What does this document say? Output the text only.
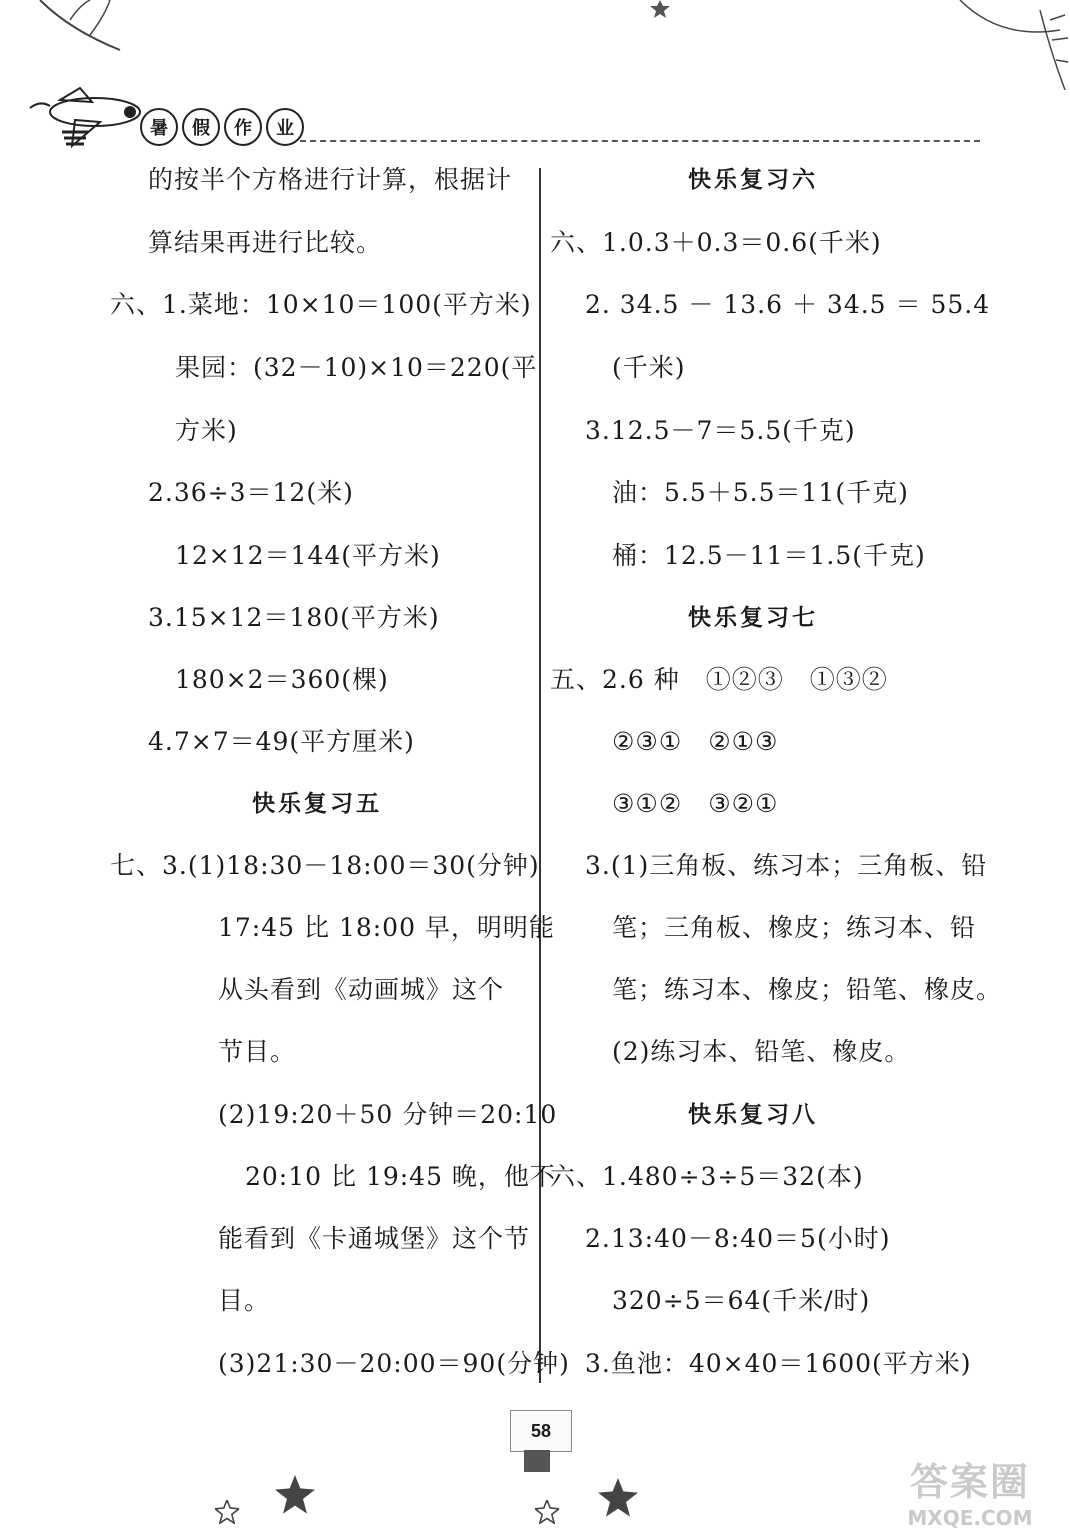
暑	假	作	业
的按半个方格进行计算，根据计
算结果再进行比较。
六、1.菜地：10×10＝100(平方米)
果园：(32－10)×10＝220(平
方米)
2.36÷3＝12(米)
12×12＝144(平方米)
3.15×12＝180(平方米)
180×2＝360(棵)
4.7×7＝49(平方厘米)
快乐复习五
七、3.(1)18:30－18:00＝30(分钟)
17:45 比 18:00 早，明明能
从头看到《动画城》这个
节目。
(2)19:20＋50 分钟＝20:10
20:10 比 19:45 晚，他不
能看到《卡通城堡》这个节
目。
(3)21:30－20:00＝90(分钟)
快乐复习六
六、1.0.3＋0.3＝0.6(千米)
2. 34.5 － 13.6 ＋ 34.5 ＝ 55.4
(千米)
3.12.5－7＝5.5(千克)
油：5.5＋5.5＝11(千克)
桶：12.5－11＝1.5(千克)
快乐复习七
五、2.6 种　①②③　①③②
②③①　②①③
③①②　③②①
3.(1)三角板、练习本；三角板、铅
笔；三角板、橡皮；练习本、铅
笔；练习本、橡皮；铅笔、橡皮。
(2)练习本、铅笔、橡皮。
快乐复习八
六、1.480÷3÷5＝32(本)
2.13:40－8:40＝5(小时)
320÷5＝64(千米/时)
3.鱼池：40×40＝1600(平方米)
58
答案圈
MXQE.COM
